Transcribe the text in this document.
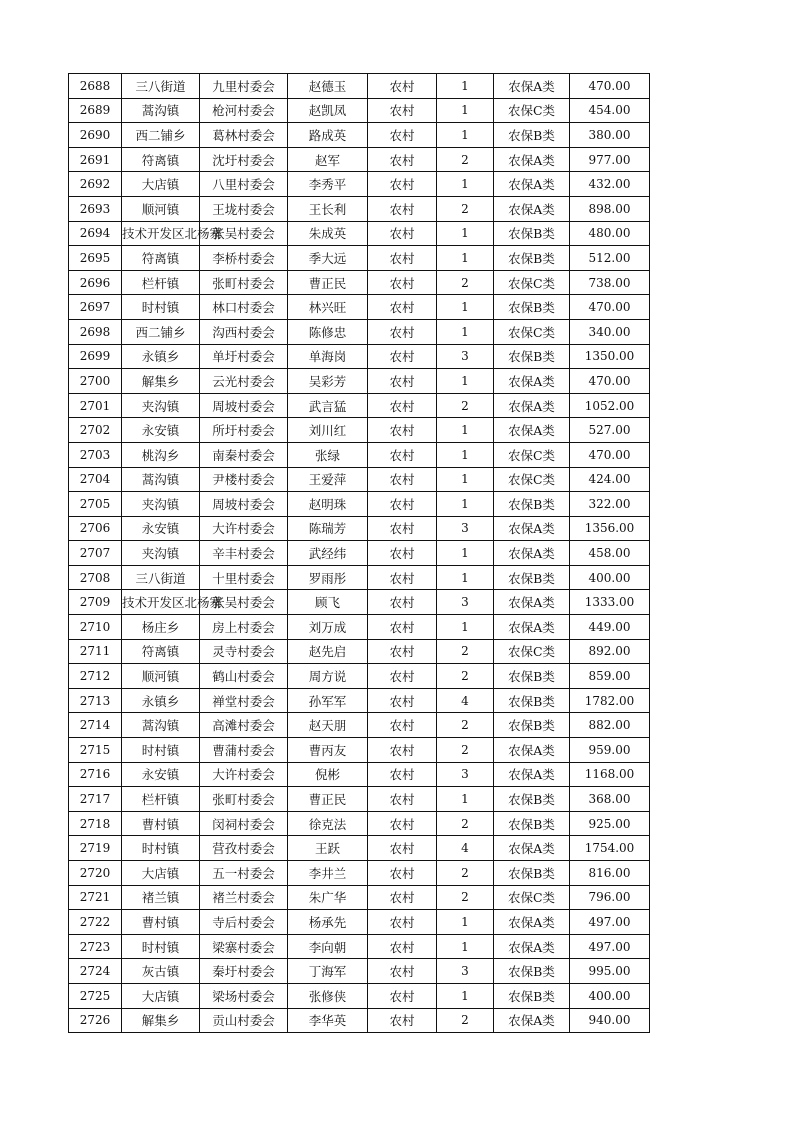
2688	三八街道	九里村委会	赵德玉	农村	1	农保A类	470.00
2689	蒿沟镇	枪河村委会	赵凯凤	农村	1	农保C类	454.00
2690	西二铺乡	葛林村委会	路成英	农村	1	农保B类	380.00
2691	符离镇	沈圩村委会	赵军	农村	2	农保A类	977.00
2692	大店镇	八里村委会	李秀平	农村	1	农保A类	432.00
2693	顺河镇	王垅村委会	王长利	农村	2	农保A类	898.00
2694	技术开发区北杨寨	张吴村委会	朱成英	农村	1	农保B类	480.00
2695	符离镇	李桥村委会	季大远	农村	1	农保B类	512.00
2696	栏杆镇	张町村委会	曹正民	农村	2	农保C类	738.00
2697	时村镇	林口村委会	林兴旺	农村	1	农保B类	470.00
2698	西二铺乡	沟西村委会	陈修忠	农村	1	农保C类	340.00
2699	永镇乡	单圩村委会	单海岗	农村	3	农保B类	1350.00
2700	解集乡	云光村委会	吴彩芳	农村	1	农保A类	470.00
2701	夹沟镇	周坡村委会	武言猛	农村	2	农保A类	1052.00
2702	永安镇	所圩村委会	刘川红	农村	1	农保A类	527.00
2703	桃沟乡	南秦村委会	张绿	农村	1	农保C类	470.00
2704	蒿沟镇	尹楼村委会	王爱萍	农村	1	农保C类	424.00
2705	夹沟镇	周坡村委会	赵明珠	农村	1	农保B类	322.00
2706	永安镇	大许村委会	陈瑞芳	农村	3	农保A类	1356.00
2707	夹沟镇	辛丰村委会	武经纬	农村	1	农保A类	458.00
2708	三八街道	十里村委会	罗雨彤	农村	1	农保B类	400.00
2709	技术开发区北杨寨	张吴村委会	顾飞	农村	3	农保A类	1333.00
2710	杨庄乡	房上村委会	刘万成	农村	1	农保A类	449.00
2711	符离镇	灵寺村委会	赵先启	农村	2	农保C类	892.00
2712	顺河镇	鹤山村委会	周方说	农村	2	农保B类	859.00
2713	永镇乡	禅堂村委会	孙军军	农村	4	农保B类	1782.00
2714	蒿沟镇	高滩村委会	赵天朋	农村	2	农保B类	882.00
2715	时村镇	曹蒲村委会	曹丙友	农村	2	农保A类	959.00
2716	永安镇	大许村委会	倪彬	农村	3	农保A类	1168.00
2717	栏杆镇	张町村委会	曹正民	农村	1	农保B类	368.00
2718	曹村镇	闵祠村委会	徐克法	农村	2	农保B类	925.00
2719	时村镇	营孜村委会	王跃	农村	4	农保A类	1754.00
2720	大店镇	五一村委会	李井兰	农村	2	农保B类	816.00
2721	褚兰镇	褚兰村委会	朱广华	农村	2	农保C类	796.00
2722	曹村镇	寺后村委会	杨承先	农村	1	农保A类	497.00
2723	时村镇	梁寨村委会	李向朝	农村	1	农保A类	497.00
2724	灰古镇	秦圩村委会	丁海军	农村	3	农保B类	995.00
2725	大店镇	梁场村委会	张修侠	农村	1	农保B类	400.00
2726	解集乡	贡山村委会	李华英	农村	2	农保A类	940.00
